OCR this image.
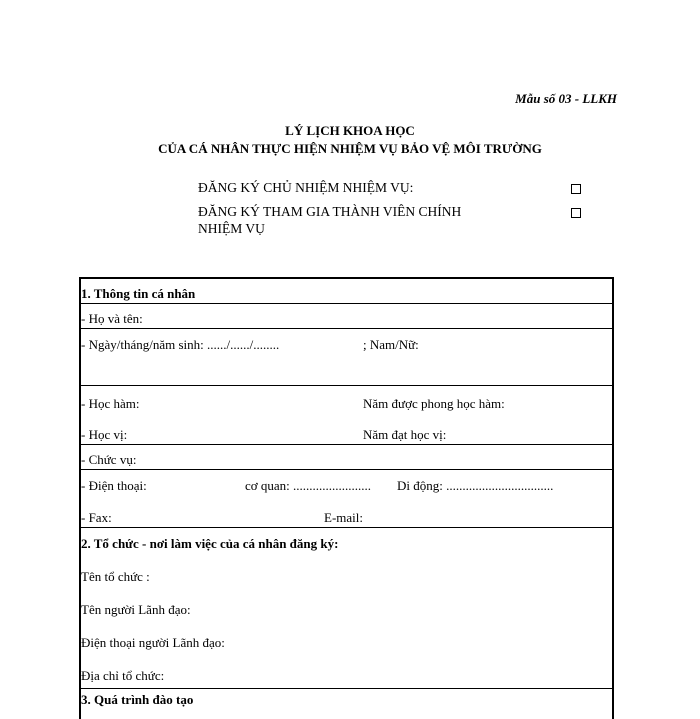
Mẫu số 03 - LLKH
LÝ LỊCH KHOA HỌC
CỦA CÁ NHÂN THỰC HIỆN NHIỆM VỤ BẢO VỆ MÔI TRƯỜNG
ĐĂNG KÝ CHỦ NHIỆM NHIỆM VỤ:
ĐĂNG KÝ THAM GIA THÀNH VIÊN CHÍNH
NHIỆM VỤ
1. Thông tin cá nhân
- Họ và tên:
- Ngày/tháng/năm sinh: ....../....../........	; Nam/Nữ:
- Học hàm:	Năm được phong học hàm:
- Học vị:	Năm đạt học vị:
- Chức vụ:
- Điện thoại:	cơ quan: ........................ Di động: .................................
- Fax:	E-mail:
2. Tổ chức - nơi làm việc của cá nhân đăng ký:
Tên tổ chức :
Tên người Lãnh đạo:
Điện thoại người Lãnh đạo:
Địa chỉ tổ chức:
3. Quá trình đào tạo
